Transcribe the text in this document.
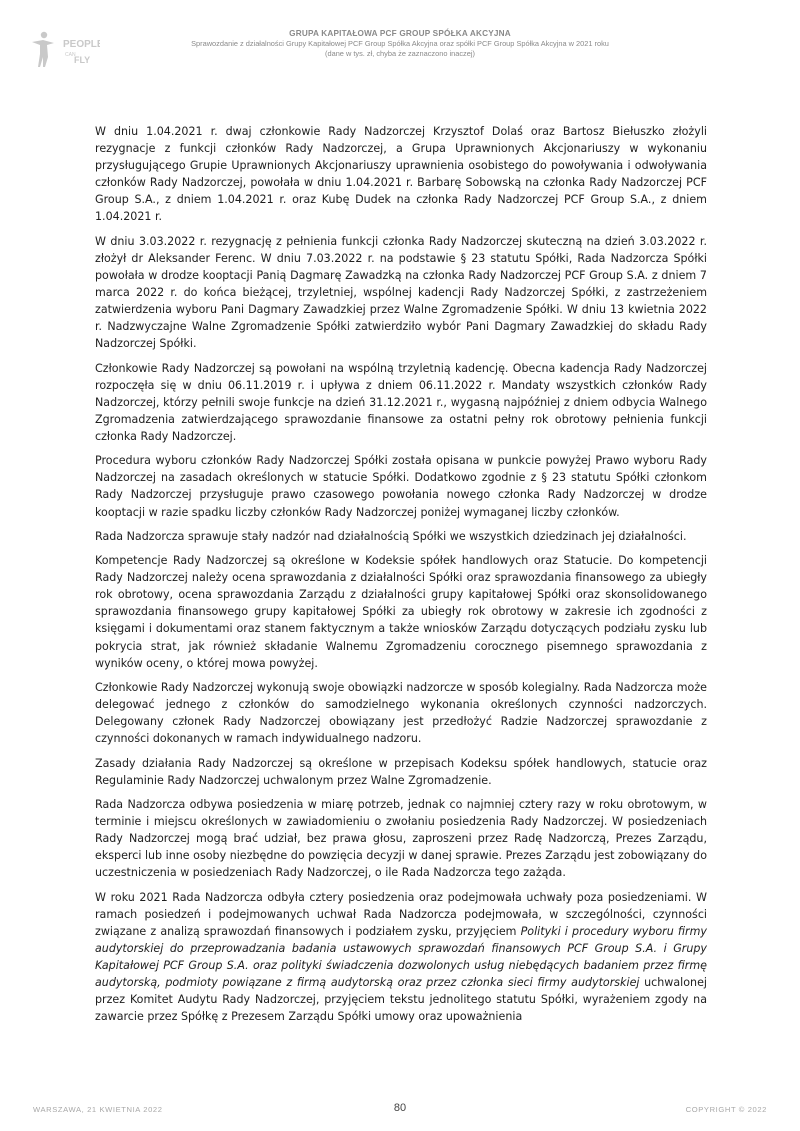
PEOPLE
CAN
FLY
GRUPA KAPITAŁOWA PCF GROUP SPÓŁKA AKCYJNA
Sprawozdanie z działalności Grupy Kapitałowej PCF Group Spółka Akcyjna oraz spółki PCF Group Spółka Akcyjna w 2021 roku
(dane w tys. zł, chyba że zaznaczono inaczej)

W dniu 1.04.2021 r. dwaj członkowie Rady Nadzorczej Krzysztof Dolaś oraz Bartosz Biełuszko złożyli rezygnacje z funkcji członków Rady Nadzorczej, a Grupa Uprawnionych Akcjonariuszy w wykonaniu przysługującego Grupie Uprawnionych Akcjonariuszy uprawnienia osobistego do powoływania i odwoływania członków Rady Nadzorczej, powołała w dniu 1.04.2021 r. Barbarę Sobowską na członka Rady Nadzorczej PCF Group S.A., z dniem 1.04.2021 r. oraz Kubę Dudek na członka Rady Nadzorczej PCF Group S.A., z dniem 1.04.2021 r.

W dniu 3.03.2022 r. rezygnację z pełnienia funkcji członka Rady Nadzorczej skuteczną na dzień 3.03.2022 r. złożył dr Aleksander Ferenc. W dniu 7.03.2022 r. na podstawie § 23 statutu Spółki, Rada Nadzorcza Spółki powołała w drodze kooptacji Panią Dagmarę Zawadzką na członka Rady Nadzorczej PCF Group S.A. z dniem 7 marca 2022 r. do końca bieżącej, trzyletniej, wspólnej kadencji Rady Nadzorczej Spółki, z zastrzeżeniem zatwierdzenia wyboru Pani Dagmary Zawadzkiej przez Walne Zgromadzenie Spółki. W dniu 13 kwietnia 2022 r. Nadzwyczajne Walne Zgromadzenie Spółki zatwierdziło wybór Pani Dagmary Zawadzkiej do składu Rady Nadzorczej Spółki.

Członkowie Rady Nadzorczej są powołani na wspólną trzyletnią kadencję. Obecna kadencja Rady Nadzorczej rozpoczęła się w dniu 06.11.2019 r. i upływa z dniem 06.11.2022 r. Mandaty wszystkich członków Rady Nadzorczej, którzy pełnili swoje funkcje na dzień 31.12.2021 r., wygasną najpóźniej z dniem odbycia Walnego Zgromadzenia zatwierdzającego sprawozdanie finansowe za ostatni pełny rok obrotowy pełnienia funkcji członka Rady Nadzorczej.

Procedura wyboru członków Rady Nadzorczej Spółki została opisana w punkcie powyżej Prawo wyboru Rady Nadzorczej na zasadach określonych w statucie Spółki. Dodatkowo zgodnie z § 23 statutu Spółki członkom Rady Nadzorczej przysługuje prawo czasowego powołania nowego członka Rady Nadzorczej w drodze kooptacji w razie spadku liczby członków Rady Nadzorczej poniżej wymaganej liczby członków.

Rada Nadzorcza sprawuje stały nadzór nad działalnością Spółki we wszystkich dziedzinach jej działalności.

Kompetencje Rady Nadzorczej są określone w Kodeksie spółek handlowych oraz Statucie. Do kompetencji Rady Nadzorczej należy ocena sprawozdania z działalności Spółki oraz sprawozdania finansowego za ubiegły rok obrotowy, ocena sprawozdania Zarządu z działalności grupy kapitałowej Spółki oraz skonsolidowanego sprawozdania finansowego grupy kapitałowej Spółki za ubiegły rok obrotowy w zakresie ich zgodności z księgami i dokumentami oraz stanem faktycznym a także wniosków Zarządu dotyczących podziału zysku lub pokrycia strat, jak również składanie Walnemu Zgromadzeniu corocznego pisemnego sprawozdania z wyników oceny, o której mowa powyżej.

Członkowie Rady Nadzorczej wykonują swoje obowiązki nadzorcze w sposób kolegialny. Rada Nadzorcza może delegować jednego z członków do samodzielnego wykonania określonych czynności nadzorczych. Delegowany członek Rady Nadzorczej obowiązany jest przedłożyć Radzie Nadzorczej sprawozdanie z czynności dokonanych w ramach indywidualnego nadzoru.

Zasady działania Rady Nadzorczej są określone w przepisach Kodeksu spółek handlowych, statucie oraz Regulaminie Rady Nadzorczej uchwalonym przez Walne Zgromadzenie.

Rada Nadzorcza odbywa posiedzenia w miarę potrzeb, jednak co najmniej cztery razy w roku obrotowym, w terminie i miejscu określonych w zawiadomieniu o zwołaniu posiedzenia Rady Nadzorczej. W posiedzeniach Rady Nadzorczej mogą brać udział, bez prawa głosu, zaproszeni przez Radę Nadzorczą, Prezes Zarządu, eksperci lub inne osoby niezbędne do powzięcia decyzji w danej sprawie. Prezes Zarządu jest zobowiązany do uczestniczenia w posiedzeniach Rady Nadzorczej, o ile Rada Nadzorcza tego zażąda.

W roku 2021 Rada Nadzorcza odbyła cztery posiedzenia oraz podejmowała uchwały poza posiedzeniami. W ramach posiedzeń i podejmowanych uchwał Rada Nadzorcza podejmowała, w szczególności, czynności związane z analizą sprawozdań finansowych i podziałem zysku, przyjęciem Polityki i procedury wyboru firmy audytorskiej do przeprowadzania badania ustawowych sprawozdań finansowych PCF Group S.A. i Grupy Kapitałowej PCF Group S.A. oraz polityki świadczenia dozwolonych usług niebędących badaniem przez firmę audytorską, podmioty powiązane z firmą audytorską oraz przez członka sieci firmy audytorskiej uchwalonej przez Komitet Audytu Rady Nadzorczej, przyjęciem tekstu jednolitego statutu Spółki, wyrażeniem zgody na zawarcie przez Spółkę z Prezesem Zarządu Spółki umowy oraz upoważnienia

WARSZAWA, 21 KWIETNIA 2022	80	COPYRIGHT © 2022
